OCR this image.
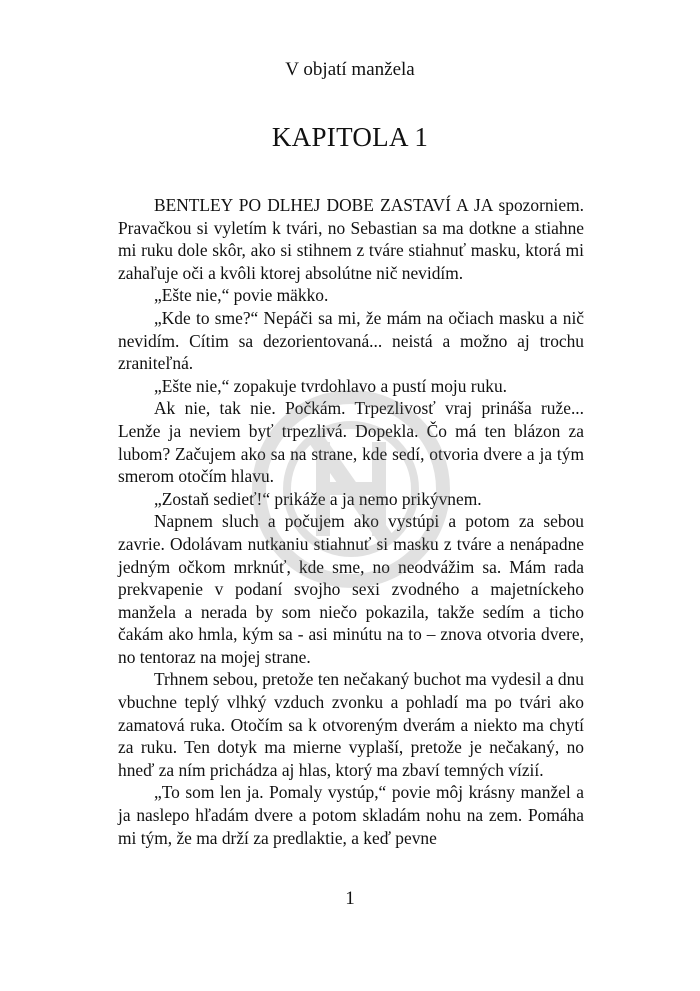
V objatí manžela
KAPITOLA 1

BENTLEY PO DLHEJ DOBE ZASTAVÍ A JA spozorniem. Pravačkou si vyletím k tvári, no Sebastian sa ma dotkne a stiahne mi ruku dole skôr, ako si stihnem z tváre stiahnuť masku, ktorá mi zahaľuje oči a kvôli ktorej absolútne nič nevidím.

„Ešte nie,“ povie mäkko.

„Kde to sme?“ Nepáči sa mi, že mám na očiach masku a nič nevidím. Cítim sa dezorientovaná... neistá a možno aj trochu zraniteľná.

„Ešte nie,“ zopakuje tvrdohlavo a pustí moju ruku.

Ak nie, tak nie. Počkám. Trpezlivosť vraj prináša ruže... Lenže ja neviem byť trpezlivá. Dopekla. Čo má ten blázon za lubom? Začujem ako sa na strane, kde sedí, otvoria dvere a ja tým smerom otočím hlavu.

„Zostaň sedieť!“ prikáže a ja nemo prikývnem.

Napnem sluch a počujem ako vystúpi a potom za sebou zavrie. Odolávam nutkaniu stiahnuť si masku z tváre a nenápadne jedným očkom mrknúť, kde sme, no neodvážim sa. Mám rada prekvapenie v podaní svojho sexi zvodného a majetníckeho manžela a nerada by som niečo pokazila, takže sedím a ticho čakám ako hmla, kým sa - asi minútu na to – znova otvoria dvere, no tentoraz na mojej strane.

Trhnem sebou, pretože ten nečakaný buchot ma vydesil a dnu vbuchne teplý vlhký vzduch zvonku a pohladí ma po tvári ako zamatová ruka. Otočím sa k otvoreným dverám a niekto ma chytí za ruku. Ten dotyk ma mierne vyplaší, pretože je nečakaný, no hneď za ním prichádza aj hlas, ktorý ma zbaví temných vízií.

„To som len ja. Pomaly vystúp,“ povie môj krásny manžel a ja naslepo hľadám dvere a potom skladám nohu na zem. Pomáha mi tým, že ma drží za predlaktie, a keď pevne

1
